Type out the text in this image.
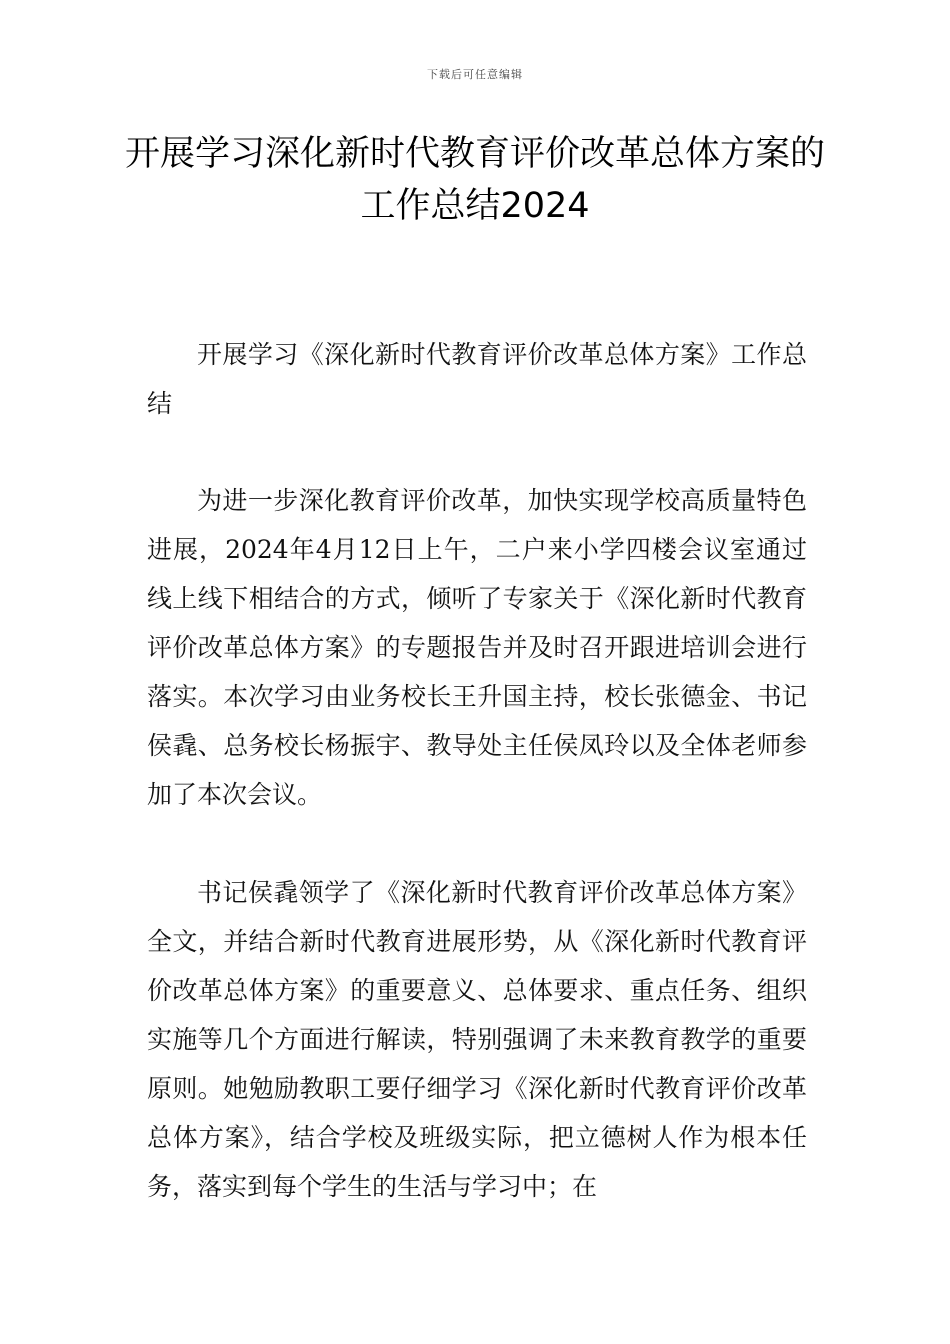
下载后可任意编辑
开展学习深化新时代教育评价改革总体方案的工作总结2024

开展学习《深化新时代教育评价改革总体方案》工作总结

为进一步深化教育评价改革，加快实现学校高质量特色进展，2024年4月12日上午，二户来小学四楼会议室通过线上线下相结合的方式，倾听了专家关于《深化新时代教育评价改革总体方案》的专题报告并及时召开跟进培训会进行落实。本次学习由业务校长王升国主持，校长张德金、书记侯毳、总务校长杨振宇、教导处主任侯凤玲以及全体老师参加了本次会议。

书记侯毳领学了《深化新时代教育评价改革总体方案》全文，并结合新时代教育进展形势，从《深化新时代教育评价改革总体方案》的重要意义、总体要求、重点任务、组织实施等几个方面进行解读，特别强调了未来教育教学的重要原则。她勉励教职工要仔细学习《深化新时代教育评价改革总体方案》，结合学校及班级实际，把立德树人作为根本任务，落实到每个学生的生活与学习中；在
